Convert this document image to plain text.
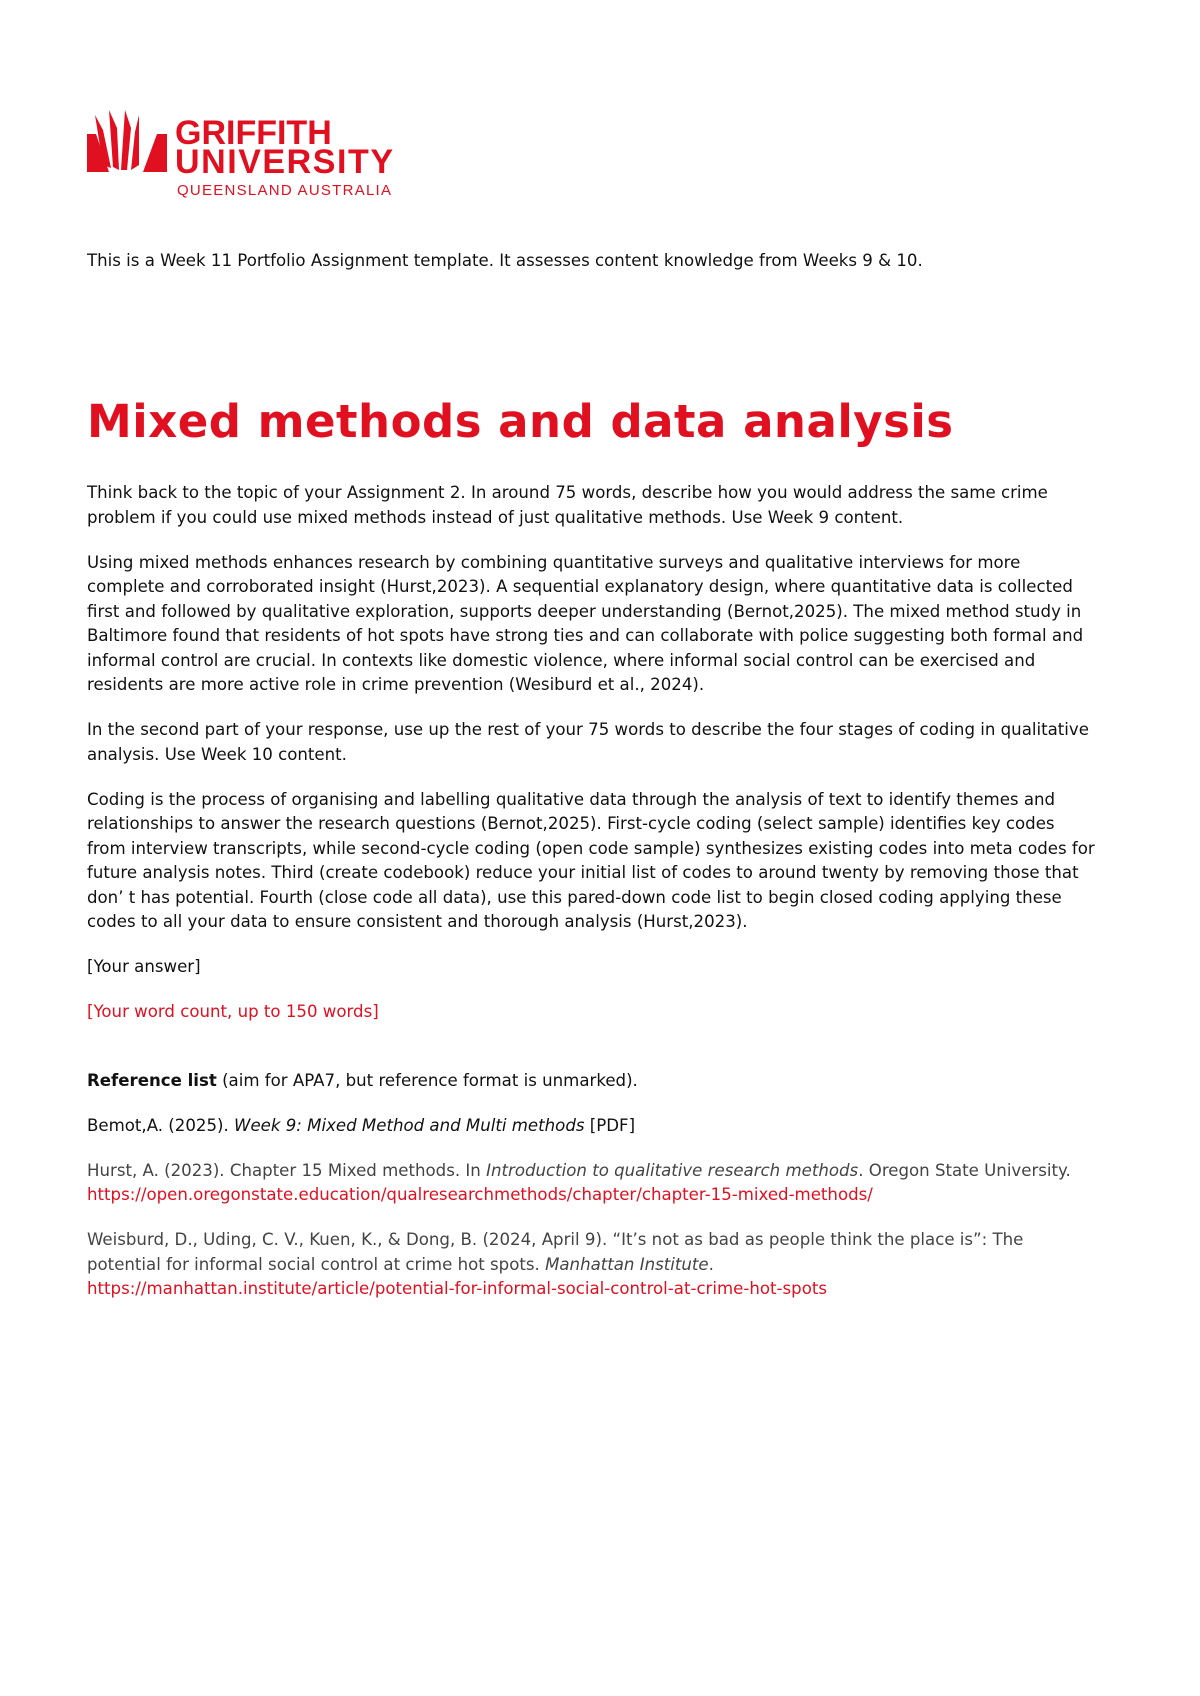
GRIFFITH
UNIVERSITY
QUEENSLAND AUSTRALIA

This is a Week 11 Portfolio Assignment template. It assesses content knowledge from Weeks 9 & 10.

Mixed methods and data analysis

Think back to the topic of your Assignment 2. In around 75 words, describe how you would address the same crime problem if you could use mixed methods instead of just qualitative methods. Use Week 9 content.

Using mixed methods enhances research by combining quantitative surveys and qualitative interviews for more complete and corroborated insight (Hurst,2023). A sequential explanatory design, where quantitative data is collected first and followed by qualitative exploration, supports deeper understanding (Bernot,2025). The mixed method study in Baltimore found that residents of hot spots have strong ties and can collaborate with police suggesting both formal and informal control are crucial. In contexts like domestic violence, where informal social control can be exercised and residents are more active role in crime prevention (Wesiburd et al., 2024).

In the second part of your response, use up the rest of your 75 words to describe the four stages of coding in qualitative analysis. Use Week 10 content.

Coding is the process of organising and labelling qualitative data through the analysis of text to identify themes and relationships to answer the research questions (Bernot,2025). First-cycle coding (select sample) identifies key codes from interview transcripts, while second-cycle coding (open code sample) synthesizes existing codes into meta codes for future analysis notes. Third (create codebook) reduce your initial list of codes to around twenty by removing those that don’ t has potential. Fourth (close code all data), use this pared-down code list to begin closed coding applying these codes to all your data to ensure consistent and thorough analysis (Hurst,2023).

[Your answer]

[Your word count, up to 150 words]

Reference list (aim for APA7, but reference format is unmarked).

Bemot,A. (2025). Week 9: Mixed Method and Multi methods [PDF]

Hurst, A. (2023). Chapter 15 Mixed methods. In Introduction to qualitative research methods. Oregon State University. https://open.oregonstate.education/qualresearchmethods/chapter/chapter-15-mixed-methods/

Weisburd, D., Uding, C. V., Kuen, K., & Dong, B. (2024, April 9). “It’s not as bad as people think the place is”: The potential for informal social control at crime hot spots. Manhattan Institute.
https://manhattan.institute/article/potential-for-informal-social-control-at-crime-hot-spots
